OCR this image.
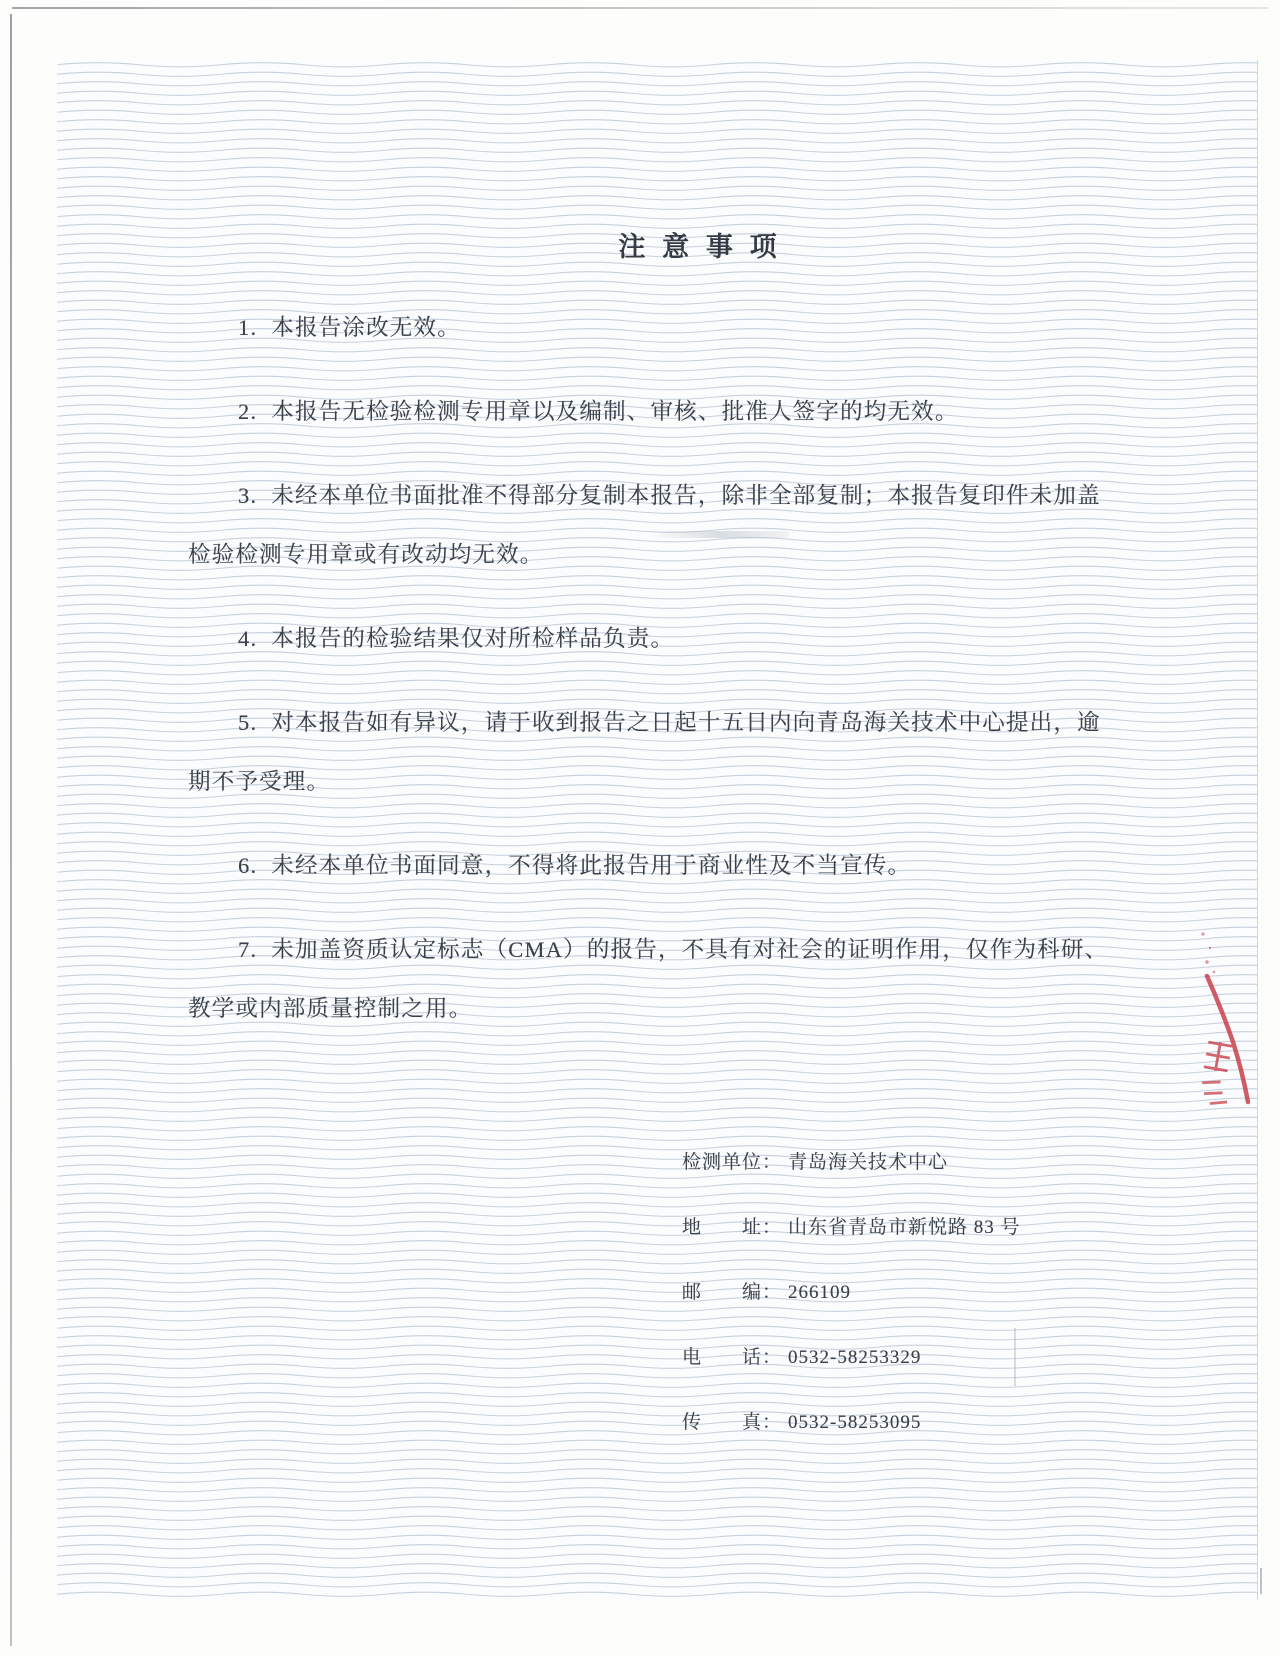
注 意 事 项

1. 本报告涂改无效。

2. 本报告无检验检测专用章以及编制、审核、批准人签字的均无效。

3. 未经本单位书面批准不得部分复制本报告，除非全部复制；本报告复印件未加盖检验检测专用章或有改动均无效。

4. 本报告的检验结果仅对所检样品负责。

5. 对本报告如有异议，请于收到报告之日起十五日内向青岛海关技术中心提出，逾期不予受理。

6. 未经本单位书面同意，不得将此报告用于商业性及不当宣传。

7. 未加盖资质认定标志（CMA）的报告，不具有对社会的证明作用，仅作为科研、教学或内部质量控制之用。

检测单位： 青岛海关技术中心
地　　址： 山东省青岛市新悦路 83 号
邮　　编： 266109
电　　话： 0532-58253329
传　　真： 0532-58253095
